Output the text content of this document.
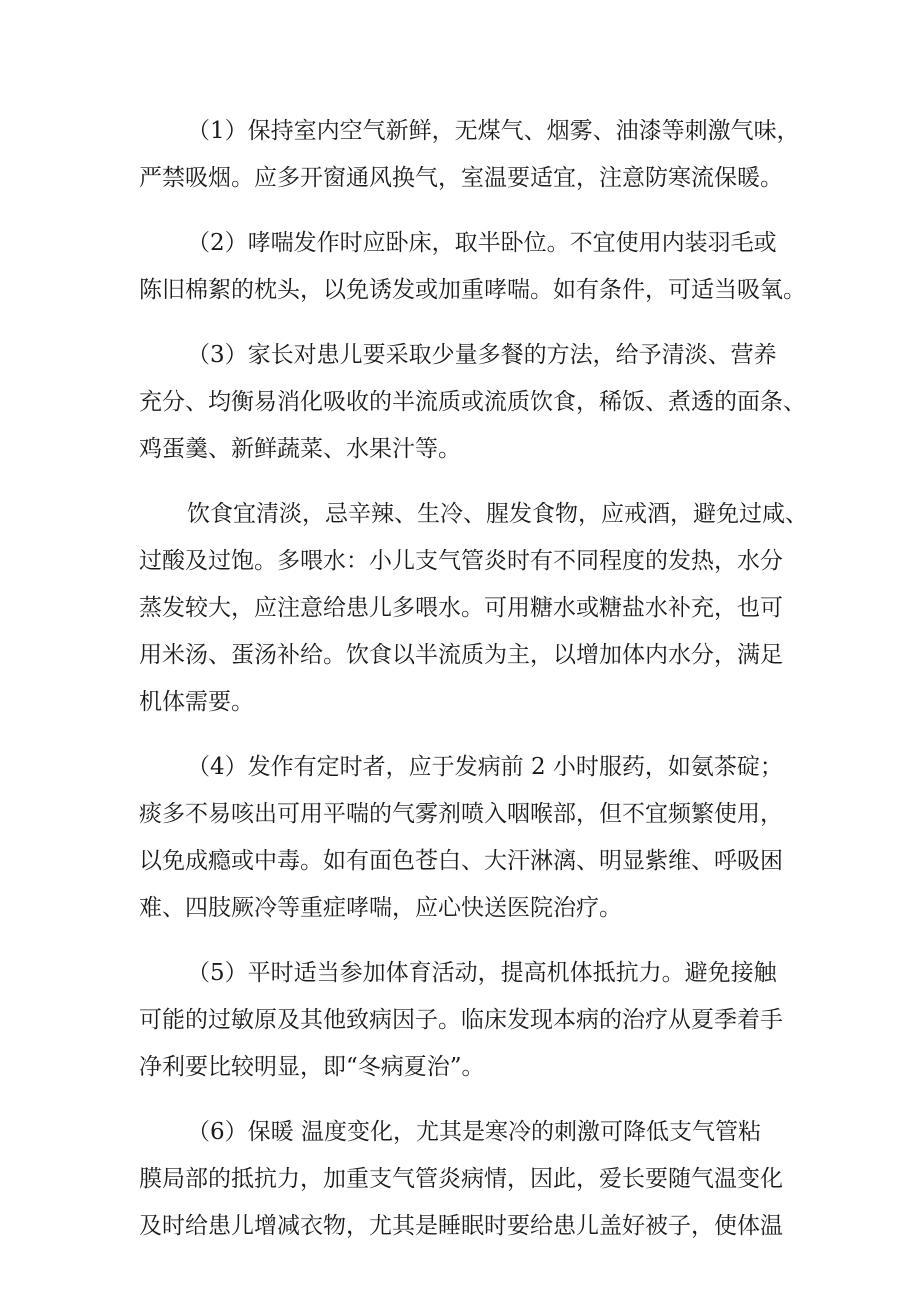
（1）保持室内空气新鲜，无煤气、烟雾、油漆等刺激气味，
严禁吸烟。应多开窗通风换气，室温要适宜，注意防寒流保暖。

（2）哮喘发作时应卧床，取半卧位。不宜使用内装羽毛或
陈旧棉絮的枕头，以免诱发或加重哮喘。如有条件，可适当吸氧。

（3）家长对患儿要采取少量多餐的方法，给予清淡、营养
充分、均衡易消化吸收的半流质或流质饮食，稀饭、煮透的面条、
鸡蛋羹、新鲜蔬菜、水果汁等。

饮食宜清淡，忌辛辣、生冷、腥发食物，应戒酒，避免过咸、
过酸及过饱。多喂水：小儿支气管炎时有不同程度的发热，水分
蒸发较大，应注意给患儿多喂水。可用糖水或糖盐水补充，也可
用米汤、蛋汤补给。饮食以半流质为主，以增加体内水分，满足
机体需要。

（4）发作有定时者，应于发病前 2 小时服药，如氨茶碇；
痰多不易咳出可用平喘的气雾剂喷入咽喉部，但不宜频繁使用，
以免成瘾或中毒。如有面色苍白、大汗淋漓、明显紫维、呼吸困
难、四肢厥冷等重症哮喘，应心快送医院治疗。

（5）平时适当参加体育活动，提高机体抵抗力。避免接触
可能的过敏原及其他致病因子。临床发现本病的治疗从夏季着手
净利要比较明显，即“冬病夏治”。

（6）保暖 温度变化，尤其是寒冷的刺激可降低支气管粘
膜局部的抵抗力，加重支气管炎病情，因此，爱长要随气温变化
及时给患儿增减衣物，尤其是睡眠时要给患儿盖好被子，使体温
